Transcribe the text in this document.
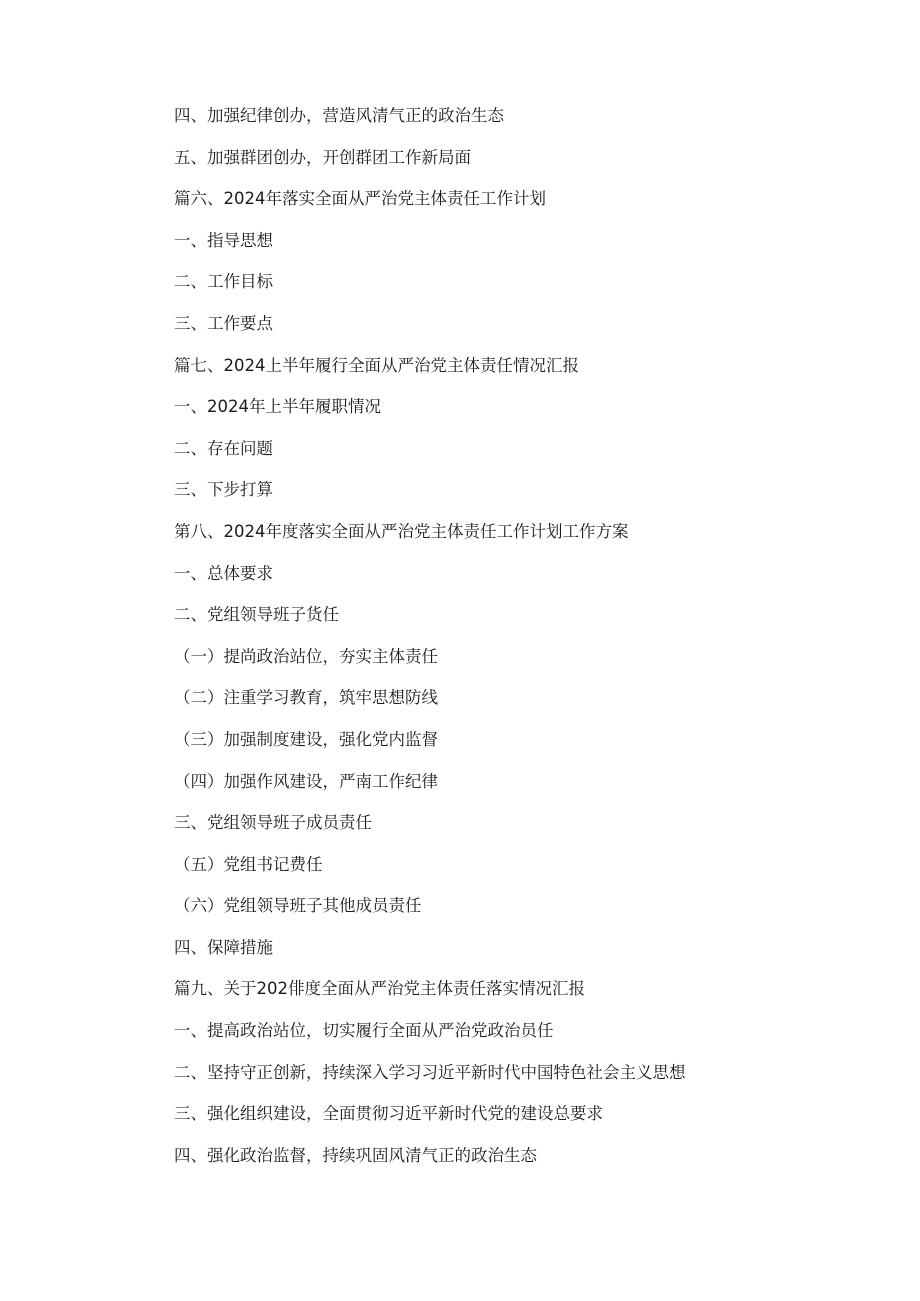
四、加强纪律创办，营造风清气正的政治生态
五、加强群团创办，开创群团工作新局面
篇六、2024年落实全面从严治党主体责任工作计划
一、指导思想
二、工作目标
三、工作要点
篇七、2024上半年履行全面从严治党主体责任情况汇报
一、2024年上半年履职情况
二、存在问题
三、下步打算
第八、2024年度落实全面从严治党主体责任工作计划工作方案
一、总体要求
二、党组领导班子货任
（一）提尚政治站位，夯实主体责任
（二）注重学习教育，筑牢思想防线
（三）加强制度建设，强化党内监督
（四）加强作风建设，严南工作纪律
三、党组领导班子成员责任
（五）党组书记费任
（六）党组领导班子其他成员责任
四、保障措施
篇九、关于202俳度全面从严治党主体责任落实情况汇报
一、提高政治站位，切实履行全面从严治党政治员任
二、坚持守正创新，持续深入学习习近平新时代中国特色社会主义思想
三、强化组织建设，全面贯彻习近平新时代党的建设总要求
四、强化政治监督，持续巩固风清气正的政治生态
